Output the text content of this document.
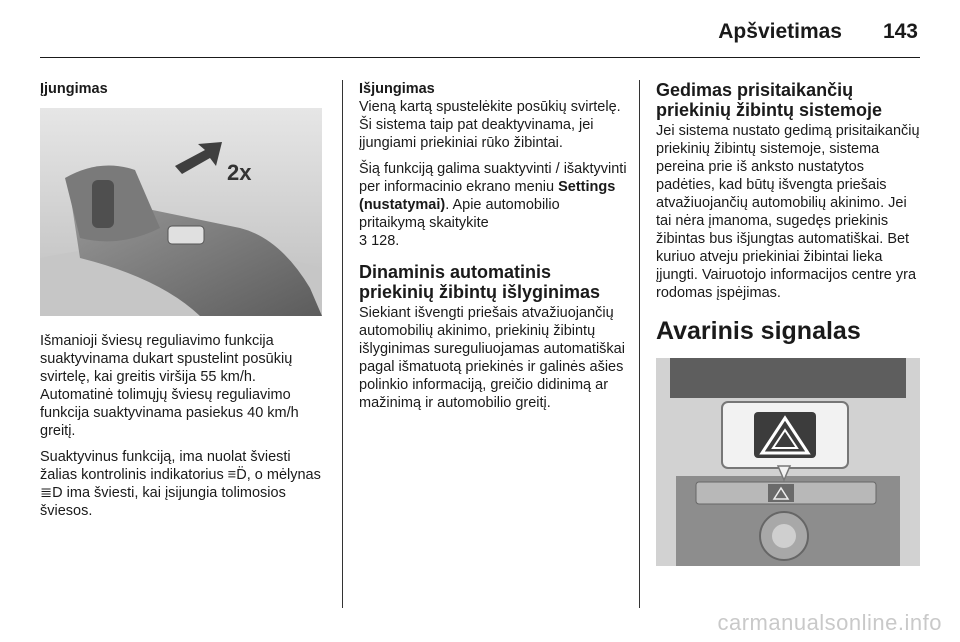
Apšvietimas 143
Įjungimas
2x

Išmanioji šviesų reguliavimo funkcija suaktyvinama dukart spustelint posūkių svirtelę, kai greitis viršija 55 km/h. Automatinė tolimųjų šviesų reguliavimo funkcija suaktyvinama pasiekus 40 km/h greitį.

Suaktyvinus funkciją, ima nuolat šviesti žalias kontrolinis indikatorius ≡D̈, o mėlynas ≣D ima šviesti, kai įsijungia tolimosios šviesos.

Išjungimas

Vieną kartą spustelėkite posūkių svirtelę. Ši sistema taip pat deaktyvinama, jei įjungiami priekiniai rūko žibintai.

Šią funkciją galima suaktyvinti / išaktyvinti per informacinio ekrano meniu Settings (nustatymai). Apie automobilio pritaikymą skaitykite
3 128.

Dinaminis automatinis priekinių žibintų išlyginimas

Siekiant išvengti priešais atvažiuojančių automobilių akinimo, priekinių žibintų išlyginimas sureguliuojamas automatiškai pagal išmatuotą priekinės ir galinės ašies polinkio informaciją, greičio didinimą ar mažinimą ir automobilio greitį.

Gedimas prisitaikančių priekinių žibintų sistemoje

Jei sistema nustato gedimą prisitaikančių priekinių žibintų sistemoje, sistema pereina prie iš anksto nustatytos padėties, kad būtų išvengta priešais atvažiuojančių automobilių akinimo. Jei tai nėra įmanoma, sugedęs priekinis žibintas bus išjungtas automatiškai. Bet kuriuo atveju priekiniai žibintai lieka įjungti. Vairuotojo informacijos centre yra rodomas įspėjimas.

Avarinis signalas
carmanualsonline.info
